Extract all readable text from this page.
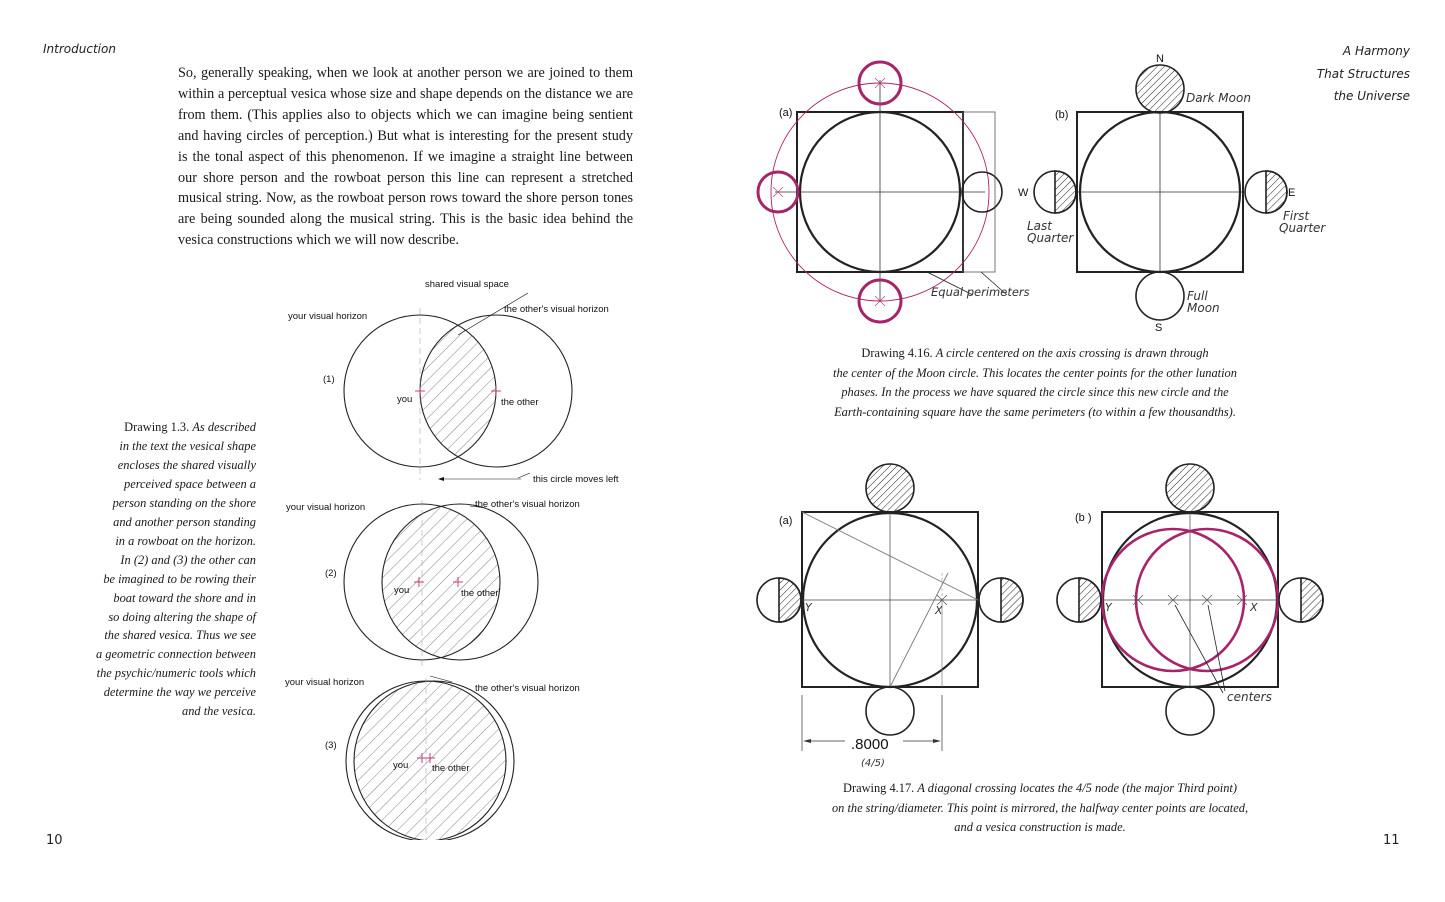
Introduction
So, generally speaking, when we look at another person we are joined to them
within a perceptual vesica whose size and shape depends on the distance we are
from them. (This applies also to objects which we can imagine being sentient
and having circles of perception.) But what is interesting for the present study
is the tonal aspect of this phenomenon. If we imagine a straight line between
our shore person and the rowboat person this line can represent a stretched
musical string. Now, as the rowboat person rows toward the shore person tones
are being sounded along the musical string. This is the basic idea behind the
vesica constructions which we will now describe.
shared visual space
your visual horizon
the other's visual horizon
(1)
you	the other
this circle moves left
your visual horizon	the other's visual horizon
(2)
you	the other
your visual horizon
the other's visual horizon
(3)
you the other
Drawing 1.3. As described
in the text the vesical shape
encloses the shared visually
perceived space between a
person standing on the shore
and another person standing
in a rowboat on the horizon.
In (2) and (3) the other can
be imagined to be rowing their
boat toward the shore and in
so doing altering the shape of
the shared vesica. Thus we see
a geometric connection between
the psychic/numeric tools which
determine the way we perceive
and the vesica.
10
A Harmony
That Structures
the Universe
(a)
Equal perimeters
(b)
N
S
W	E
Dark Moon
Last
Quarter
First
Quarter
Full
Moon
Drawing 4.16. A circle centered on the axis crossing is drawn through
the center of the Moon circle. This locates the center points for the other lunation
phases. In the process we have squared the circle since this new circle and the
Earth-containing square have the same perimeters (to within a few thousandths).
(a)
Y	X
.8000
(4/5)
(b )
Y	X
centers
Drawing 4.17. A diagonal crossing locates the 4/5 node (the major Third point)
on the string/diameter. This point is mirrored, the halfway center points are located,
and a vesica construction is made.
11
